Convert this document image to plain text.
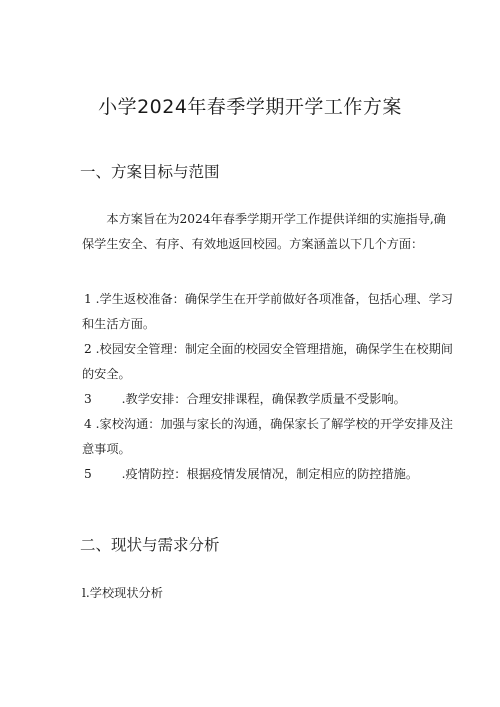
小学2024年春季学期开学工作方案
一、方案目标与范围
本方案旨在为2024年春季学期开学工作提供详细的实施指导,确保学生安全、有序、有效地返回校园。方案涵盖以下几个方面：
1 .学生返校准备：确保学生在开学前做好各项准备，包括心理、学习和生活方面。
2 .校园安全管理：制定全面的校园安全管理措施，确保学生在校期间的安全。
3 .教学安排：合理安排课程，确保教学质量不受影响。
4 .家校沟通：加强与家长的沟通，确保家长了解学校的开学安排及注意事项。
5 .疫情防控：根据疫情发展情况，制定相应的防控措施。
二、现状与需求分析
l.学校现状分析
